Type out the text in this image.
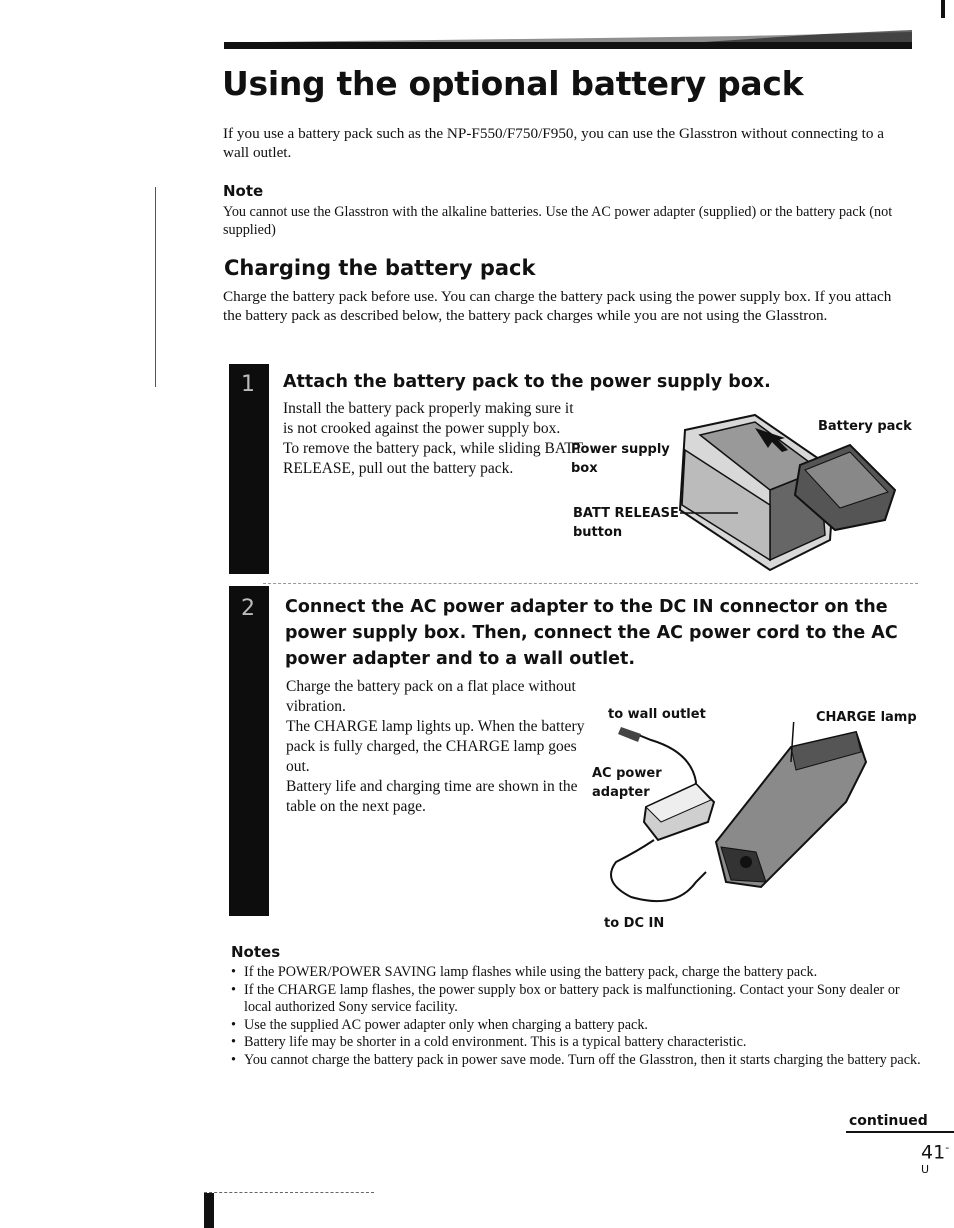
Using the optional battery pack
If you use a battery pack such as the NP-F550/F750/F950, you can use the Glasstron without connecting to a wall outlet.
Note
You cannot use the Glasstron with the alkaline batteries. Use the AC power adapter (supplied) or the battery pack (not supplied)
Charging the battery pack
Charge the battery pack before use. You can charge the battery pack using the power supply box. If you attach the battery pack as described below, the battery pack charges while you are not using the Glasstron.
1 Attach the battery pack to the power supply box.
Install the battery pack properly making sure it is not crooked against the power supply box.
To remove the battery pack, while sliding BATT RELEASE, pull out the battery pack.
Battery pack
Power supply box
BATT RELEASE button
2 Connect the AC power adapter to the DC IN connector on the power supply box. Then, connect the AC power cord to the AC power adapter and to a wall outlet.
Charge the battery pack on a flat place without vibration.
The CHARGE lamp lights up. When the battery pack is fully charged, the CHARGE lamp goes out.
Battery life and charging time are shown in the table on the next page.
to wall outlet	CHARGE lamp
AC power adapter
to DC IN
Notes
• If the POWER/POWER SAVING lamp flashes while using the battery pack, charge the battery pack.
• If the CHARGE lamp flashes, the power supply box or battery pack is malfunctioning. Contact your Sony dealer or local authorized Sony service facility.
• Use the supplied AC power adapter only when charging a battery pack.
• Battery life may be shorter in a cold environment. This is a typical battery characteristic.
• You cannot charge the battery pack in power save mode. Turn off the Glasstron, then it starts charging the battery pack.
continued
$41^{-U}$
